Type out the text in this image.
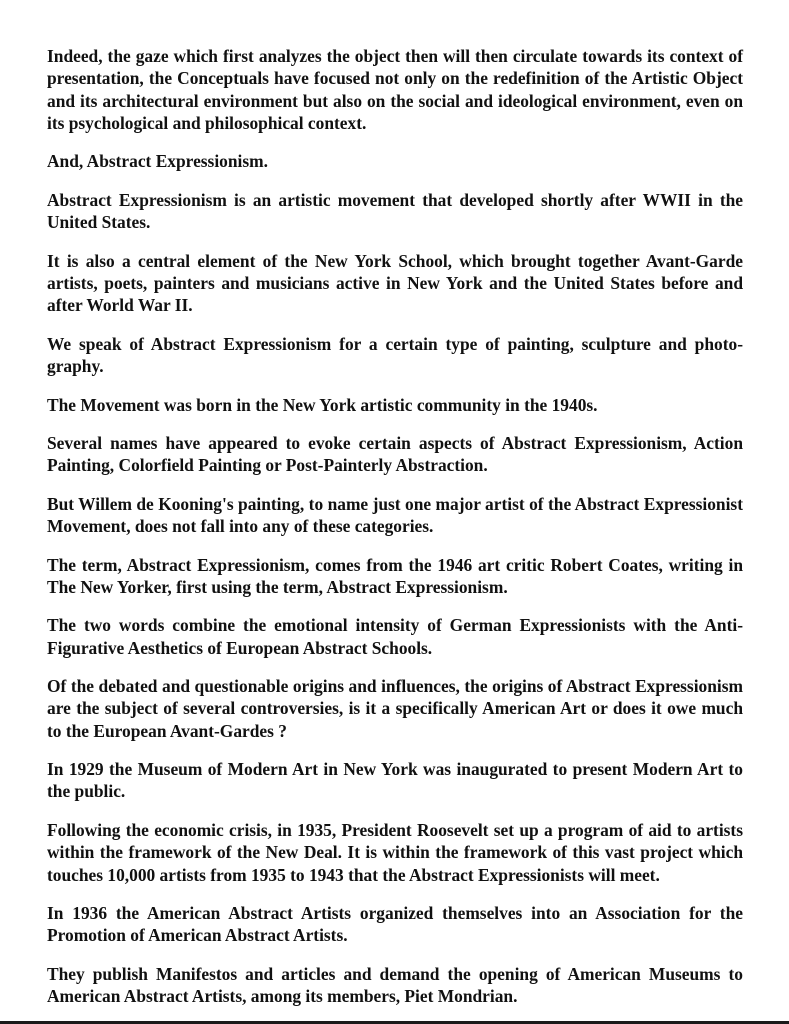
Indeed, the gaze which first analyzes the object then will then circulate towards its context of presentation, the Conceptuals have focused not only on the redefinition of the Artistic Object and its architectural environment but also on the social and ideological environment, even on its psychological and philosophical context.

And, Abstract Expressionism.

Abstract Expressionism is an artistic movement that developed shortly after WWII in the United States.

It is also a central element of the New York School, which brought together Avant-Garde artists, poets, painters and musicians active in New York and the United States before and after World War II.

We speak of Abstract Expressionism for a certain type of painting, sculpture and photography.

The Movement was born in the New York artistic community in the 1940s.

Several names have appeared to evoke certain aspects of Abstract Expressionism, Action Painting, Colorfield Painting or Post-Painterly Abstraction.

But Willem de Kooning's painting, to name just one major artist of the Abstract Expressionist Movement, does not fall into any of these categories.

The term, Abstract Expressionism, comes from the 1946 art critic Robert Coates, writing in The New Yorker, first using the term, Abstract Expressionism.

The two words combine the emotional intensity of German Expressionists with the Anti-Figurative Aesthetics of European Abstract Schools.

Of the debated and questionable origins and influences, the origins of Abstract Expressionism are the subject of several controversies, is it a specifically American Art or does it owe much to the European Avant-Gardes ?

In 1929 the Museum of Modern Art in New York was inaugurated to present Modern Art to the public.

Following the economic crisis, in 1935, President Roosevelt set up a program of aid to artists within the framework of the New Deal. It is within the framework of this vast project which touches 10,000 artists from 1935 to 1943 that the Abstract Expressionists will meet.

In 1936 the American Abstract Artists organized themselves into an Association for the Promotion of American Abstract Artists.

They publish Manifestos and articles and demand the opening of American Museums to American Abstract Artists, among its members, Piet Mondrian.
